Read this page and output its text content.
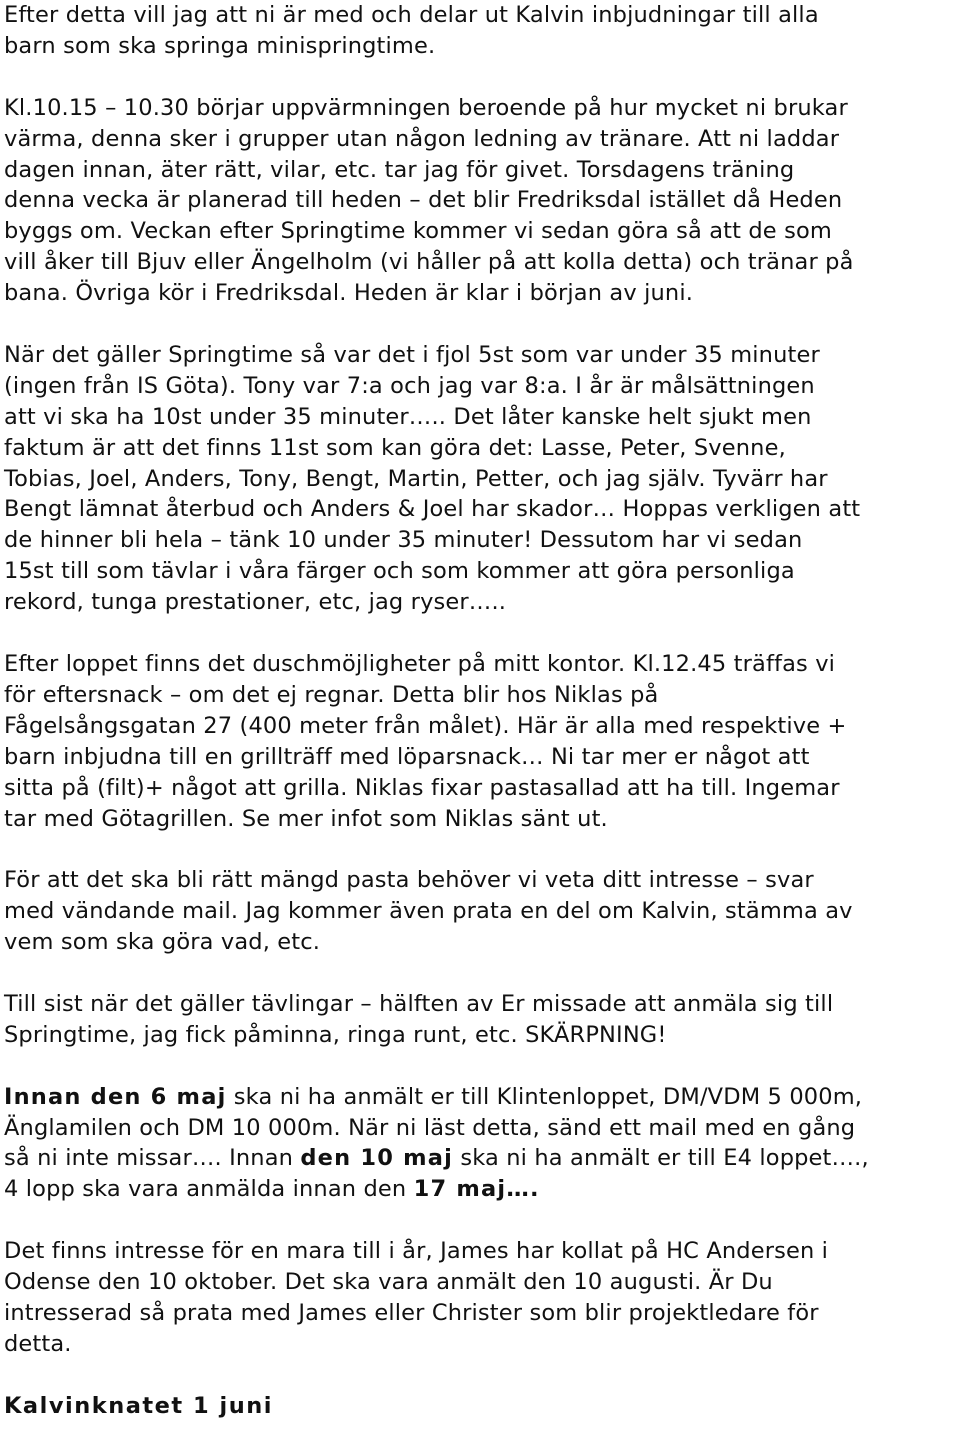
Efter detta vill jag att ni är med och delar ut Kalvin inbjudningar till alla
barn som ska springa minispringtime.
Kl.10.15 – 10.30 börjar uppvärmningen beroende på hur mycket ni brukar
värma, denna sker i grupper utan någon ledning av tränare. Att ni laddar
dagen innan, äter rätt, vilar, etc. tar jag för givet. Torsdagens träning
denna vecka är planerad till heden – det blir Fredriksdal istället då Heden
byggs om. Veckan efter Springtime kommer vi sedan göra så att de som
vill åker till Bjuv eller Ängelholm (vi håller på att kolla detta) och tränar på
bana. Övriga kör i Fredriksdal. Heden är klar i början av juni.
När det gäller Springtime så var det i fjol 5st som var under 35 minuter
(ingen från IS Göta). Tony var 7:a och jag var 8:a. I år är målsättningen
att vi ska ha 10st under 35 minuter….. Det låter kanske helt sjukt men
faktum är att det finns 11st som kan göra det: Lasse, Peter, Svenne,
Tobias, Joel, Anders, Tony, Bengt, Martin, Petter, och jag själv. Tyvärr har
Bengt lämnat återbud och Anders & Joel har skador… Hoppas verkligen att
de hinner bli hela – tänk 10 under 35 minuter! Dessutom har vi sedan
15st till som tävlar i våra färger och som kommer att göra personliga
rekord, tunga prestationer, etc, jag ryser…..
Efter loppet finns det duschmöjligheter på mitt kontor. Kl.12.45 träffas vi
för eftersnack – om det ej regnar. Detta blir hos Niklas på
Fågelsångsgatan 27 (400 meter från målet). Här är alla med respektive +
barn inbjudna till en grillträff med löparsnack… Ni tar mer er något att
sitta på (filt)+ något att grilla. Niklas fixar pastasallad att ha till. Ingemar
tar med Götagrillen. Se mer infot som Niklas sänt ut.
För att det ska bli rätt mängd pasta behöver vi veta ditt intresse – svar
med vändande mail. Jag kommer även prata en del om Kalvin, stämma av
vem som ska göra vad, etc.
Till sist när det gäller tävlingar – hälften av Er missade att anmäla sig till
Springtime, jag fick påminna, ringa runt, etc. SKÄRPNING!
Innan den 6 maj ska ni ha anmält er till Klintenloppet, DM/VDM 5 000m,
Änglamilen och DM 10 000m. När ni läst detta, sänd ett mail med en gång
så ni inte missar…. Innan den 10 maj ska ni ha anmält er till E4 loppet….,
4 lopp ska vara anmälda innan den 17 maj….
Det finns intresse för en mara till i år, James har kollat på HC Andersen i
Odense den 10 oktober. Det ska vara anmält den 10 augusti. Är Du
intresserad så prata med James eller Christer som blir projektledare för
detta.
Kalvinknatet 1 juni
